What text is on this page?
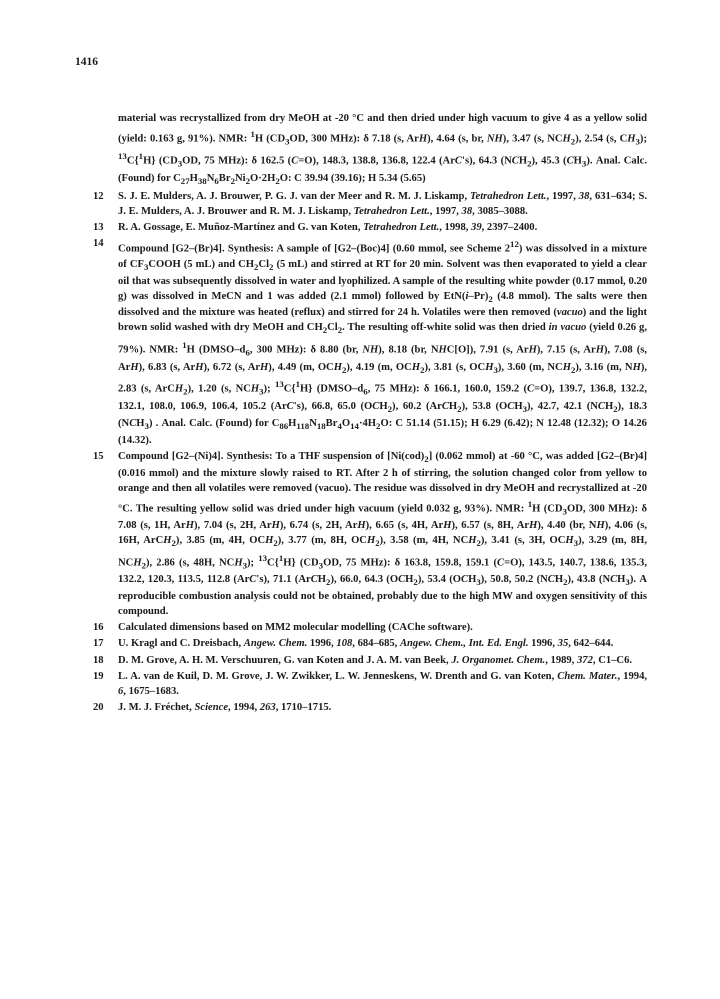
1416

material was recrystallized from dry MeOH at -20 °C and then dried under high vacuum to give 4 as a yellow solid (yield: 0.163 g, 91%). NMR: $^1$H ($CD_3OD$, 300 MHz): δ 7.18 (s, ArH), 4.64 (s, br, NH), 3.47 (s, $NCH_2$), 2.54 (s, $CH_3$); $^{13}$C{$^1$H} ($CD_3OD$, 75 MHz): δ 162.5 (C=O), 148.3, 138.8, 136.8, 122.4 (ArC's), 64.3 $(NCH_2)$, 45.3 $(CH_3)$. Anal. Calc. (Found) for $C_{27}H_{38}N_6Br_2Ni_2O\cdot 2H_2O$: C 39.94 (39.16); H 5.34 (5.65)

12	S. J. E. Mulders, A. J. Brouwer, P. G. J. van der Meer and R. M. J. Liskamp, Tetrahedron Lett., 1997, 38, 631–634; S. J. E. Mulders, A. J. Brouwer and R. M. J. Liskamp, Tetrahedron Lett., 1997, 38, 3085–3088.

13	R. A. Gossage, E. Muñoz-Martínez and G. van Koten, Tetrahedron Lett., 1998, 39, 2397–2400.

14
Compound [G2–(Br)4]. Synthesis: A sample of [G2–(Boc)4] (0.60 mmol, see Scheme $2^{12}$) was dissolved in a mixture of $CF_3COOH$ (5 mL) and $CH_2Cl_2$ (5 mL) and stirred at RT for 20 min. Solvent was then evaporated to yield a clear oil that was subsequently dissolved in water and lyophilized. A sample of the resulting white powder (0.17 mmol, 0.20 g) was dissolved in MeCN and 1 was added (2.1 mmol) followed by $EtN(i-Pr)_2$ (4.8 mmol). The salts were then dissolved and the mixture was heated (reflux) and stirred for 24 h. Volatiles were then removed (vacuo) and the light brown solid washed with dry MeOH and $CH_2Cl_2$. The resulting off-white solid was then dried in vacuo (yield 0.26 g, 79%). NMR: $^1$H ($DMSO-d_6$, 300 MHz): δ 8.80 (br, NH), 8.18 (br, NHC[O]), 7.91 (s, ArH), 7.15 (s, ArH), 7.08 (s, ArH), 6.83 (s, ArH), 6.72 (s, ArH), 4.49 (m, $OCH_2$), 4.19 (m, $OCH_2$), 3.81 (s, $OCH_3$), 3.60 (m, $NCH_2$), 3.16 (m, NH), 2.83 (s, ArCH$_2$), 1.20 (s, $NCH_3$); $^{13}$C{$^1$H} ($DMSO-d_6$, 75 MHz): δ 166.1, 160.0, 159.2 (C=O), 139.7, 136.8, 132.2, 132.1, 108.0, 106.9, 106.4, 105.2 (ArC's), 66.8, 65.0 $(OCH_2)$, 60.2 (ArCH$_2$), 53.8 $(OCH_3)$, 42.7, 42.1 $(NCH_2)$, 18.3 $(NCH_3)$ . Anal. Calc. (Found) for $C_{86}H_{118}N_{18}Br_4O_{14}\cdot 4H_2O$: C 51.14 (51.15); H 6.29 (6.42); N 12.48 (12.32); O 14.26 (14.32).

15	Compound [G2–(Ni)4]. Synthesis: To a THF suspension of $[Ni(cod)_2]$ (0.062 mmol) at -60 °C, was added [G2–(Br)4] (0.016 mmol) and the mixture slowly raised to RT. After 2 h of stirring, the solution changed color from yellow to orange and then all volatiles were removed (vacuo). The residue was dissolved in dry MeOH and recrystallized at -20 °C. The resulting yellow solid was dried under high vacuum (yield 0.032 g, 93%). NMR: $^1$H ($CD_3OD$, 300 MHz): δ 7.08 (s, 1H, ArH), 7.04 (s, 2H, ArH), 6.74 (s, 2H, ArH), 6.65 (s, 4H, ArH), 6.57 (s, 8H, ArH), 4.40 (br, NH), 4.06 (s, 16H, ArCH$_2$), 3.85 (m, 4H, $OCH_2$), 3.77 (m, 8H, $OCH_2$), 3.58 (m, 4H, $NCH_2$), 3.41 (s, 3H, $OCH_3$), 3.29 (m, 8H, $NCH_2$), 2.86 (s, 48H, $NCH_3$); $^{13}$C{$^1$H} ($CD_3OD$, 75 MHz): δ 163.8, 159.8, 159.1 (C=O), 143.5, 140.7, 138.6, 135.3, 132.2, 120.3, 113.5, 112.8 (ArC's), 71.1 (ArCH$_2$), 66.0, 64.3 $(OCH_2)$, 53.4 $(OCH_3)$, 50.8, 50.2 $(NCH_2)$, 43.8 $(NCH_3)$. A reproducible combustion analysis could not be obtained, probably due to the high MW and oxygen sensitivity of this compound.

16	Calculated dimensions based on MM2 molecular modelling (CAChe software).

17	U. Kragl and C. Dreisbach, Angew. Chem. 1996, 108, 684–685, Angew. Chem., Int. Ed. Engl. 1996, 35, 642–644.

18	D. M. Grove, A. H. M. Verschuuren, G. van Koten and J. A. M. van Beek, J. Organomet. Chem., 1989, 372, C1–C6.

19	L. A. van de Kuil, D. M. Grove, J. W. Zwikker, L. W. Jenneskens, W. Drenth and G. van Koten, Chem. Mater., 1994, 6, 1675–1683.

20	J. M. J. Fréchet, Science, 1994, 263, 1710–1715.
